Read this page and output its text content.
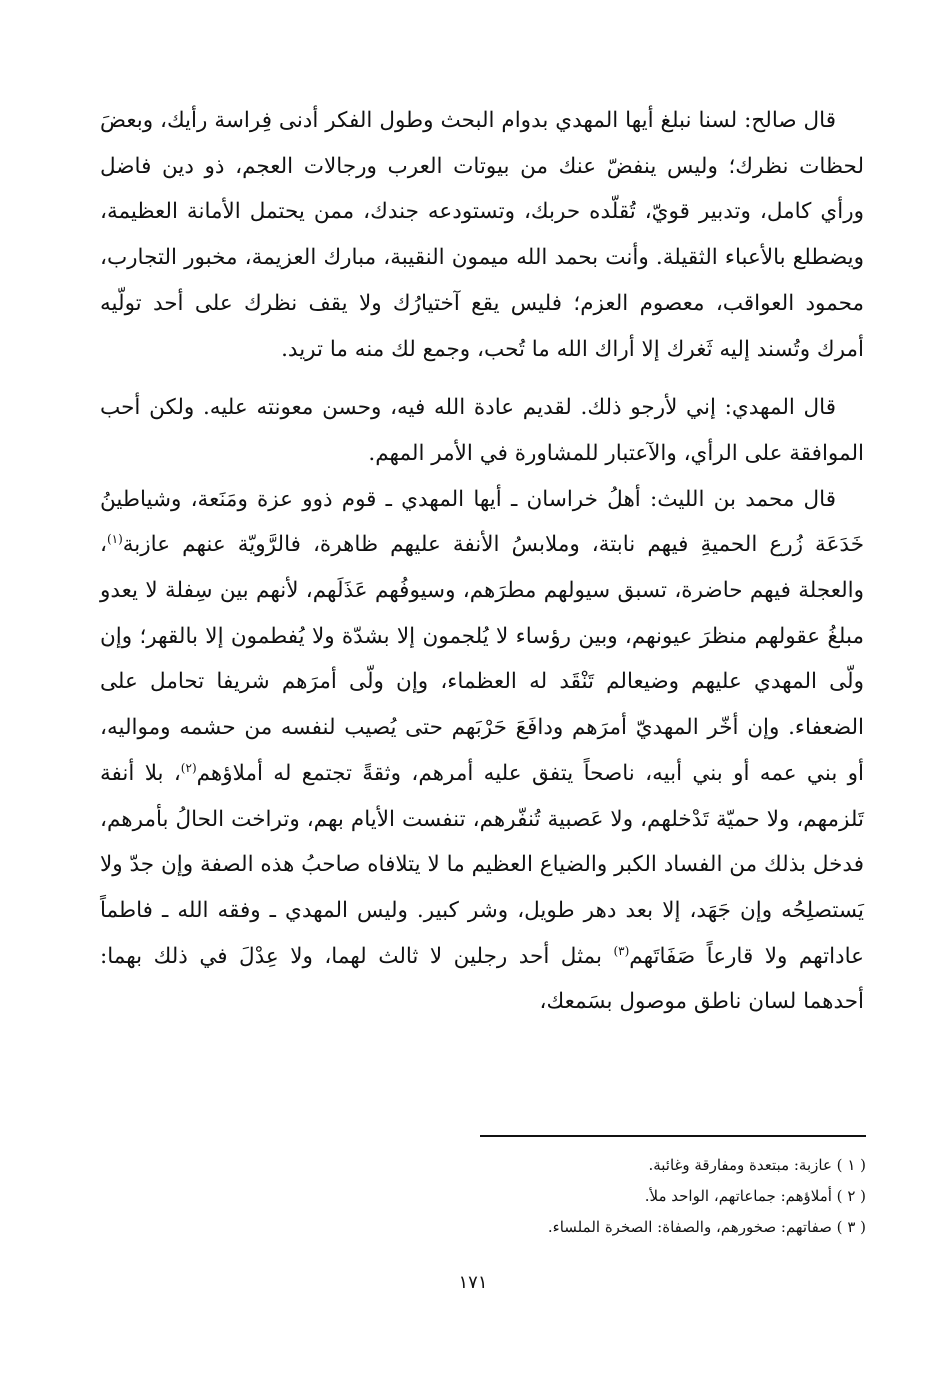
قال صالح: لسنا نبلغ أيها المهدي بدوام البحث وطول الفكر أدنى فِراسة رأيك، وبعضَ لحظات نظرك؛ وليس ينفضّ عنك من بيوتات العرب ورجالات العجم، ذو دين فاضل ورأي كامل، وتدبير قويّ، تُقلّده حربك، وتستودعه جندك، ممن يحتمل الأمانة العظيمة، ويضطلع بالأعباء الثقيلة. وأنت بحمد الله ميمون النقيبة، مبارك العزيمة، مخبور التجارب، محمود العواقب، معصوم العزم؛ فليس يقع آختيارُك ولا يقف نظرك على أحد تولّيه أمرك وتُسند إليه ثَغرك إلا أراك الله ما تُحب، وجمع لك منه ما تريد.

قال المهدي: إني لأرجو ذلك. لقديم عادة الله فيه، وحسن معونته عليه. ولكن أحب الموافقة على الرأي، والآعتبار للمشاورة في الأمر المهم.

قال محمد بن الليث: أهلُ خراسان ـ أيها المهدي ـ قوم ذوو عزة ومَنَعة، وشياطينُ خَدَعَة زُرع الحميةِ فيهم نابتة، وملابسُ الأنفة عليهم ظاهرة، فالرَّويّة عنهم عازبة$^{(١)}$، والعجلة فيهم حاضرة، تسبق سيولهم مطرَهم، وسيوفُهم عَذَلَهم، لأنهم بين سِفلة لا يعدو مبلغُ عقولهم منظرَ عيونهم، وبين رؤساء لا يُلجمون إلا بشدّة ولا يُفطمون إلا بالقهر؛ وإن ولّى المهدي عليهم وضيعالم تَنْقَد له العظماء، وإن ولّى أمرَهم شريفا تحامل على الضعفاء. وإن أخّر المهديّ أمرَهم ودافَعَ حَرْبَهم حتى يُصيب لنفسه من حشمه ومواليه، أو بني عمه أو بني أبيه، ناصحاً يتفق عليه أمرهم، وثقةً تجتمع له أملاؤهم$^{(٢)}$، بلا أنفة تَلزمهم، ولا حميّة تَدْخلهم، ولا عَصبية تُنفّرهم، تنفست الأيام بهم، وتراخت الحالُ بأمرهم، فدخل بذلك من الفساد الكبر والضياع العظيم ما لا يتلافاه صاحبُ هذه الصفة وإن جدّ ولا يَستصلِحُه وإن جَهَد، إلا بعد دهر طويل، وشر كبير. وليس المهدي ـ وفقه الله ـ فاطماً عاداتهم ولا قارعاً صَفَاتَهم$^{(٣)}$ بمثل أحد رجلين لا ثالث لهما، ولا عِدْلَ في ذلك بهما: أحدهما لسان ناطق موصول بسَمعك،

( ١ ) عازبة: مبتعدة ومفارقة وغائبة.

( ٢ ) أملاؤهم: جماعاتهم، الواحد ملأ.

( ٣ ) صفاتهم: صخورهم، والصفاة: الصخرة الملساء.

١٧١
